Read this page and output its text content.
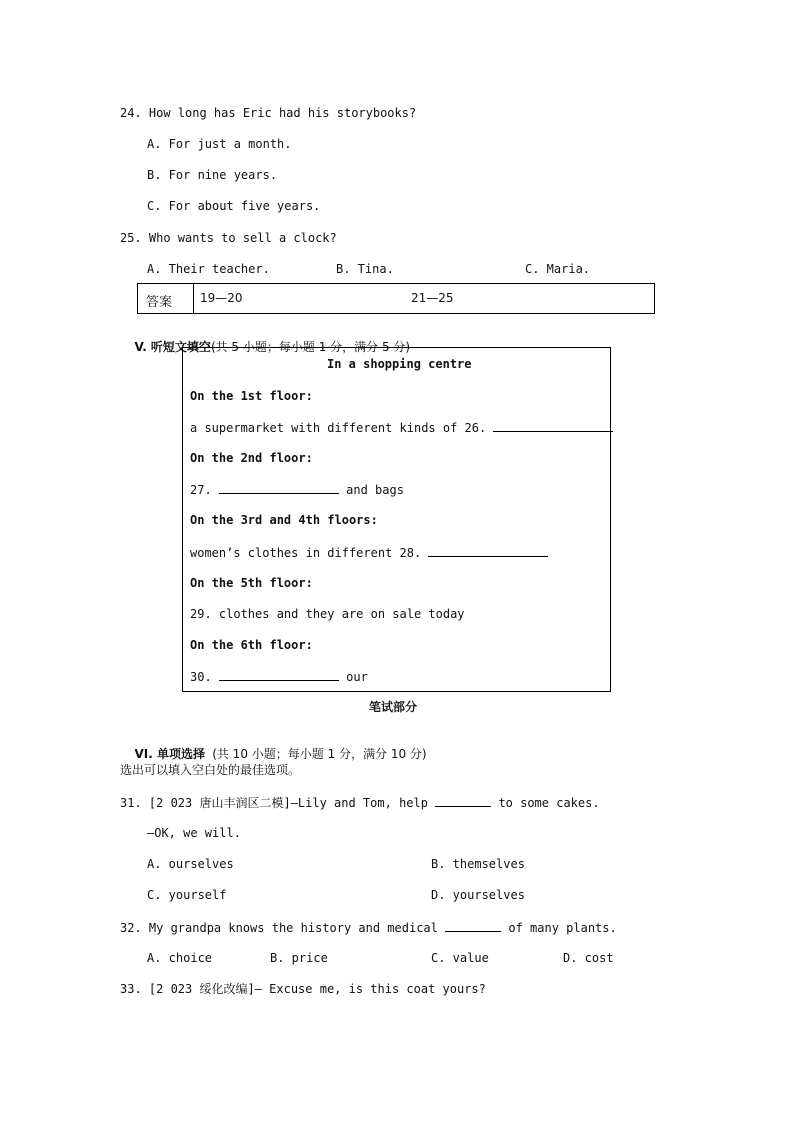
24. How long has Eric had his storybooks?
A. For just a month.
B. For nine years.
C. For about five years.
25. Who wants to sell a clock?
A. Their teacher.	B. Tina.	C. Maria.
答案 19—20	21—25

V. 听短文填空(共 5 小题；每小题 1 分，满分 5 分)

In a shopping centre
On the 1st floor:
a supermarket with different kinds of 26.
On the 2nd floor:
27.	and bags
On the 3rd and 4th floors:
women’s clothes in different 28.
On the 5th floor:
29. clothes and they are on sale today
On the 6th floor:
30.	our
笔试部分

VI. 单项选择 (共 10 小题；每小题 1 分，满分 10 分)

选出可以填入空白处的最佳选项。
31. [2 023 唐山丰润区二模]—Lily and Tom, help	to some cakes.
—OK, we will.
A. ourselves	B. themselves
C. yourself	D. yourselves
32. My grandpa knows the history and medical	of many plants.
A. choice	B. price	C. value	D. cost
33. [2 023 绥化改编]— Excuse me, is this coat yours?
